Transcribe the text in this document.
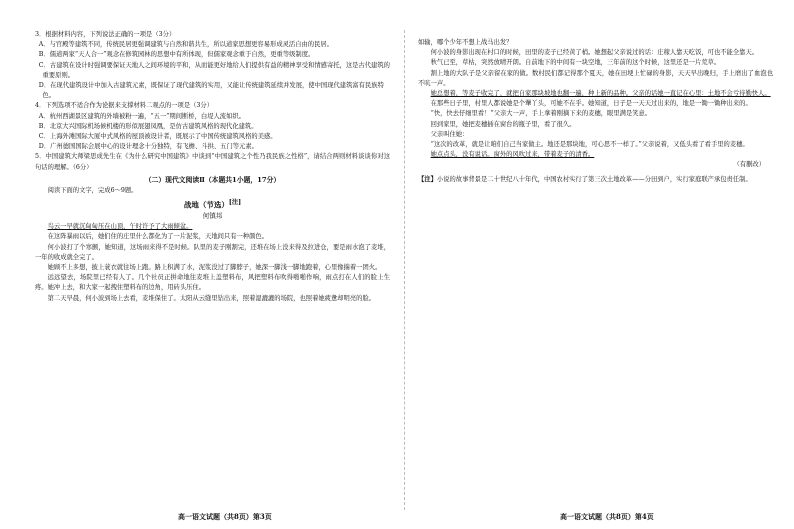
3．根据材料内容，下列说法正确的一项是（3分）

A．与官殿等建筑不同，传统民居更强调建筑与自然和谐共生，所以道家思想更容易形成灵活自由的民居。

B．儒道两家“天人合一”观念在修筑园林的思想中有所体现，但儒家观念重于自然，更重等级制度。

C．古建筑在设计时强调要保证天地人之间环境的平和，从而能更好地给人们提供有益的精神享受和情感寄托，这是古代建筑的重要原则。

D．在现代建筑设计中加入古建筑元素，既保证了现代建筑的实用，又能让传统建筑延续并发展，使中国现代建筑富有民族特色。

4．下列选项不适合作为论据来支撑材料二观点的一项是（3分）

A．杭州西湖景区建筑的外墙被粉一遍，“五一”期间断桥，白堤人流如织。

B．北京大兴国际机场候机楼的形似展翅凤凰，是仿古建筑风格的现代化建筑。

C．上海外滩国际大厦中式风格的屋顶被设计者，既展示了中国传统建筑风格的美感。

D．广州德国国际会展中心的设计理念十分独特，有飞檐、斗拱、五门等元素。

5．中国建筑大师梁思成先生在《为什么研究中国建筑》中谈到“中国建筑之个性乃我民族之性格”，请结合两则材料谈谈你对这句话的理解。（6分）

（二）现代文阅读Ⅱ（本题共1小题，17分）

阅读下面的文字，完成6～9题。

战地（节选）[注]

何镇邦

鸟云一早就沉甸甸压在山顶，午时许予了大雨倾盆。

在这阵暴雨以后，她们住的庄里什么都化为了一片泥浆，天地间只有一种颜色。

何小波打了个寒颤，她知道，这场雨来得不是时候。队里的麦子刚割完，还堆在场上没来得及拉进仓，要是雨水泡了麦堆，一年的收成就全完了。

她顾不上多想，披上蓑衣就往场上跑。路上积满了水，泥浆没过了脚脖子，她深一脚浅一脚地跑着，心里像揣着一团火。

远远望去，场院里已经有人了。几个社员正拼命地往麦堆上盖塑料布，风把塑料布吹得啪啪作响，雨点打在人们的脸上生疼。她冲上去，和大家一起拽住塑料布的边角，用砖头压住。

第二天早晨，何小波到场上去看，麦堆保住了。太阳从云缝里钻出来，照着湿漉漉的场院，也照着她疲惫却明亮的脸。

如输，哪个少年不想上战马出发？

何小波的身影出现在村口的时候，田里的麦子已经黄了梢。她想起父亲说过的话：庄稼人靠天吃饭，可也不能全靠天。

秋气已至，草枯，突然放晴开朗。自前地下的中间有一块空地，三年前的这个时候，这里还是一片荒草。

割上地的大队子是父亲留在家的做。数村民们都记得那个夏天，她在田埂上忙碌的身影，天天早出晚归，手上磨出了血泡也不吭一声。

她总想着，等麦子收完了，就把自家那块坡地也翻一遍，种上新的品种。父亲的话她一直记在心里：土地不会亏待勤快人。

在那些日子里，村里人都说她是个犟丫头，可她不在乎。她知道，日子是一天天过出来的，地是一锄一锄种出来的。

“快，快去仔细里看！”父亲大一声，手上拿着刚摘下来的麦穗，眼里满是笑意。

回到家里，她把麦穗插在窗台的瓶子里，看了很久。

父亲叫住她：

“这次的改革，就是让咱们自己当家做主。地还是那块地，可心思不一样了。”父亲说着，又低头看了看手里的麦穗。

她点点头，没有说话。窗外的风吹过来，带着麦子的清香。

（有删改）

【注】小说的故事背景是二十世纪八十年代，中国农村实行了第三次土地改革——分田到户，实行家庭联产承包责任制。

高一语文试题（共8页）第3页	高一语文试题（共8页）第4页
